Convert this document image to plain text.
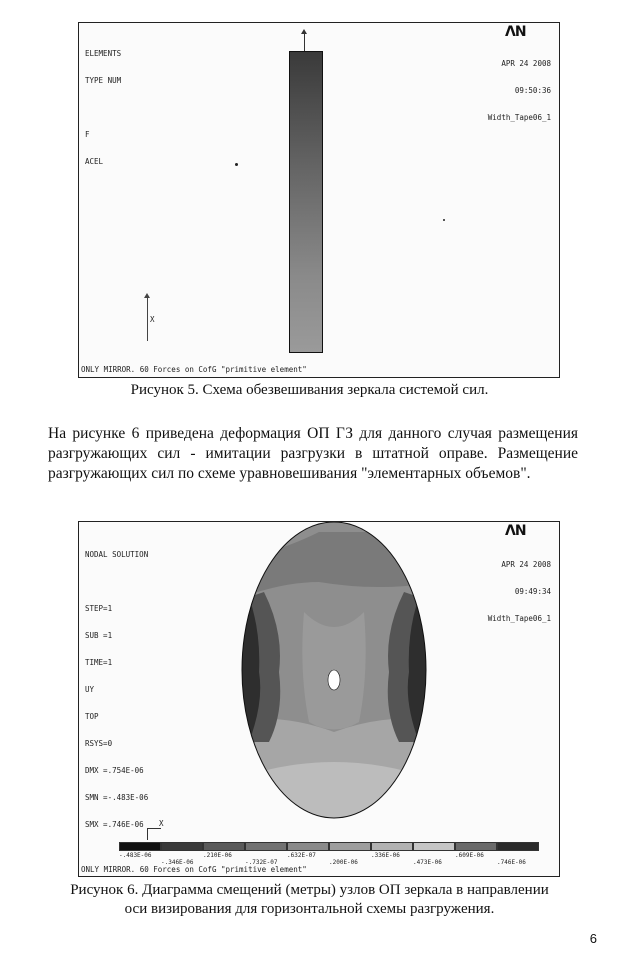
ELEMENTS

TYPE NUM

F

ACEL

ΛN

APR 24 2008

09:50:36

Width_Tape06_1

X
ONLY MIRROR. 60 Forces on CofG "primitive element"
Рисунок 5. Схема обезвешивания зеркала системой сил.
На рисунке 6 приведена деформация ОП ГЗ для данного случая размещения разгружающих сил - имитации разгрузки в штатной оправе. Размещение разгружающих сил по схеме уравновешивания "элементарных объемов".

NODAL SOLUTION

STEP=1

SUB =1

TIME=1

UY

TOP

RSYS=0

DMX =.754E-06

SMN =-.483E-06

SMX =.746E-06

ΛN

APR 24 2008

09:49:34

Width_Tape06_1

X
-.483E-06	.210E-06	.632E-07	.336E-06	.609E-06
-.346E-06	-.732E-07	.200E-06	.473E-06	.746E-06
ONLY MIRROR. 60 Forces on CofG "primitive element"
Рисунок 6. Диаграмма смещений (метры) узлов ОП зеркала в направлении
оси визирования для горизонтальной схемы разгружения.
6
